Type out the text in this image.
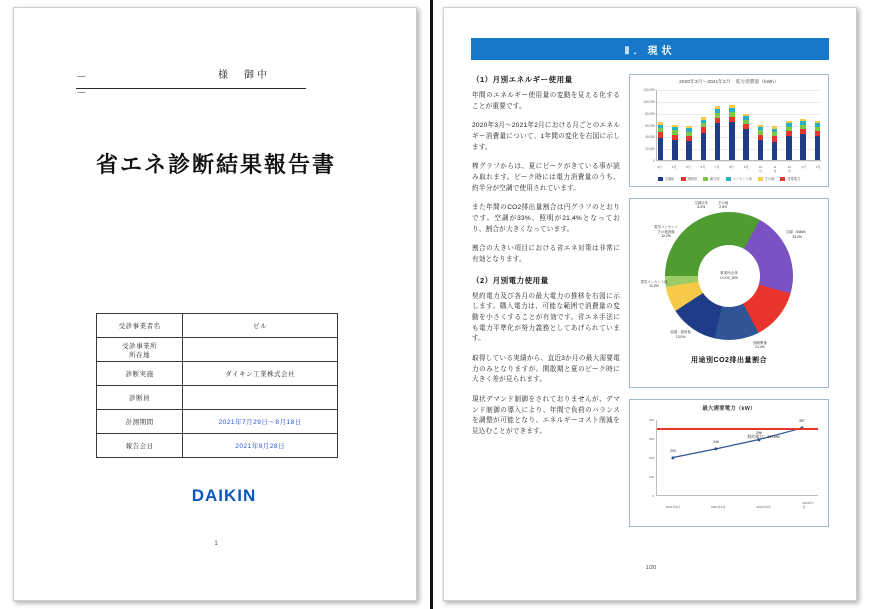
－ －
様　御中
省エネ診断結果報告書
受診事業者名	ビル
受診事業所
所在地	
診断実施	ダイキン工業株式会社
診断員	
計測期間	2021年7月29日～8月18日
報告会日	2021年9月28日
DAIKIN
1
Ⅱ．現状
（1）月別エネルギー使用量

年間のエネルギー使用量の変動を見える化することが重要です。

2020年3月～2021年2月における月ごとのエネルギー消費量について、1年間の変化を右図に示します。

棒グラフからは、夏にピークがきている事が読み取れます。ピーク時には電力消費量のうち、約半分が空調で使用されています。

また年間のCO2排出量割合は円グラフのとおりです。空調が33%、照明が21.4%となっており、割合が大きくなっています。

割合の大きい項目における省エネ対策は非常に有効となります。

（2）月別電力使用量

契約電力及び各月の最大電力の推移を右図に示します。購入電力は、可能な範囲で消費量の変動を小さくすることが有効です。省エネ手法にも電力平準化が努力義務としてあげられています。

取得している実績から、直近3か月の最大需要電力のみとなりますが、閑散期と夏のピーク時に大きく差が見られます。

現状デマンド制御をされておりませんが、デマンド制御の導入により、年間で負荷のバランスを調整が可能となり、エネルギーコスト削減を見込むことができます。

2020年3月～2021年2月　電力消費量（kWh）
120,000
100,000
80,000
60,000
40,000
20,000
0
3月	4月	5月	6月	7月	8月	9月	10月
11月
12月
1月	2月
空調用	照明用	動力用	コンセント用	その他	受電電力
事業所全体
t-CO2_500
空調（34kW）
33.0%
照明関係
21.4%
給湯・厨房他
13.0%
電気コンセント他
11.2%
電気コンセント
その他設備
12.2%
空調以外
6.4%
その他
2.8%
用途別CO2排出量割合
最大需要電力（kW）
400
300
200
100
0
200
246
296
357
契約電力：357kW
2021年4月	2021年5月	2021年6月
2021年7月
1/20
